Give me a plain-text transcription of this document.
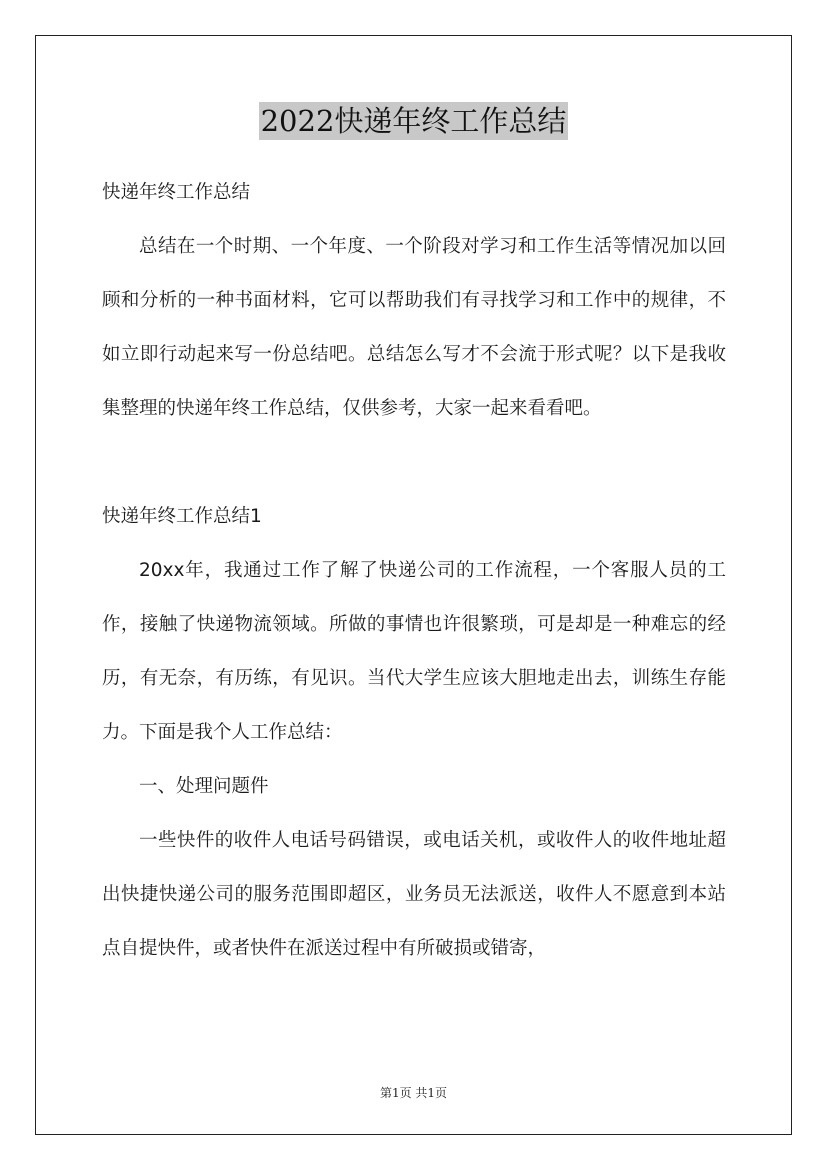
2022快递年终工作总结

快递年终工作总结

总结在一个时期、一个年度、一个阶段对学习和工作生活等情况加以回顾和分析的一种书面材料，它可以帮助我们有寻找学习和工作中的规律，不如立即行动起来写一份总结吧。总结怎么写才不会流于形式呢？以下是我收集整理的快递年终工作总结，仅供参考，大家一起来看看吧。

快递年终工作总结1

20xx年，我通过工作了解了快递公司的工作流程，一个客服人员的工作，接触了快递物流领域。所做的事情也许很繁琐，可是却是一种难忘的经历，有无奈，有历练，有见识。当代大学生应该大胆地走出去，训练生存能力。下面是我个人工作总结：

一、处理问题件

一些快件的收件人电话号码错误，或电话关机，或收件人的收件地址超出快捷快递公司的服务范围即超区，业务员无法派送，收件人不愿意到本站点自提快件，或者快件在派送过程中有所破损或错寄，

第1页 共1页
